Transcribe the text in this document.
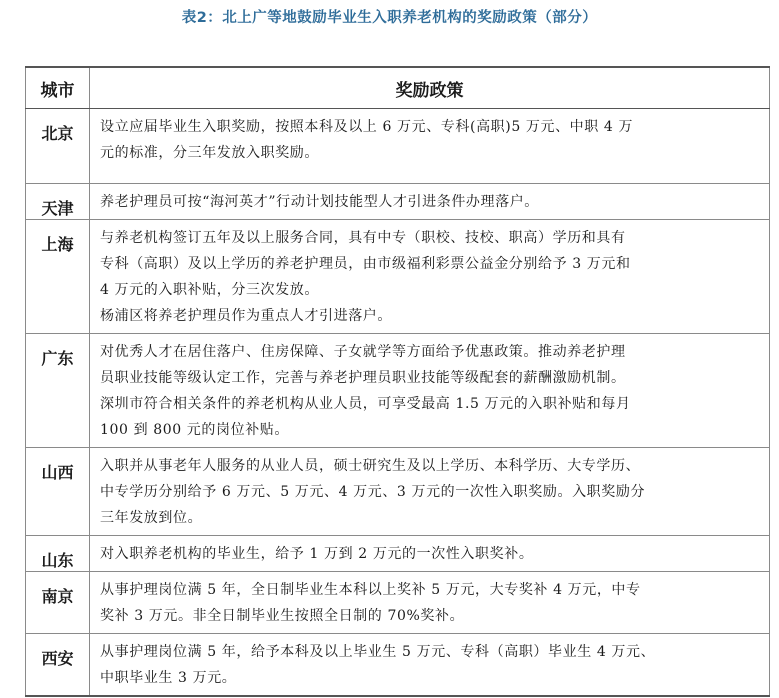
表2：北上广等地鼓励毕业生入职养老机构的奖励政策（部分）
城市	奖励政策
北京	设立应届毕业生入职奖励，按照本科及以上 6 万元、专科(高职)5 万元、中职 4 万
元的标准，分三年发放入职奖励。

天津	养老护理员可按“海河英才”行动计划技能型人才引进条件办理落户。

上海	与养老机构签订五年及以上服务合同，具有中专（职校、技校、职高）学历和具有
专科（高职）及以上学历的养老护理员，由市级福利彩票公益金分别给予 3 万元和
4 万元的入职补贴，分三次发放。
杨浦区将养老护理员作为重点人才引进落户。

广东	对优秀人才在居住落户、住房保障、子女就学等方面给予优惠政策。推动养老护理
员职业技能等级认定工作，完善与养老护理员职业技能等级配套的薪酬激励机制。
深圳市符合相关条件的养老机构从业人员，可享受最高 1.5 万元的入职补贴和每月
100 到 800 元的岗位补贴。

山西	入职并从事老年人服务的从业人员，硕士研究生及以上学历、本科学历、大专学历、
中专学历分别给予 6 万元、5 万元、4 万元、3 万元的一次性入职奖励。入职奖励分
三年发放到位。

山东	对入职养老机构的毕业生，给予 1 万到 2 万元的一次性入职奖补。

南京	从事护理岗位满 5 年，全日制毕业生本科以上奖补 5 万元，大专奖补 4 万元，中专
奖补 3 万元。非全日制毕业生按照全日制的 70%奖补。

西安	从事护理岗位满 5 年，给予本科及以上毕业生 5 万元、专科（高职）毕业生 4 万元、
中职毕业生 3 万元。
